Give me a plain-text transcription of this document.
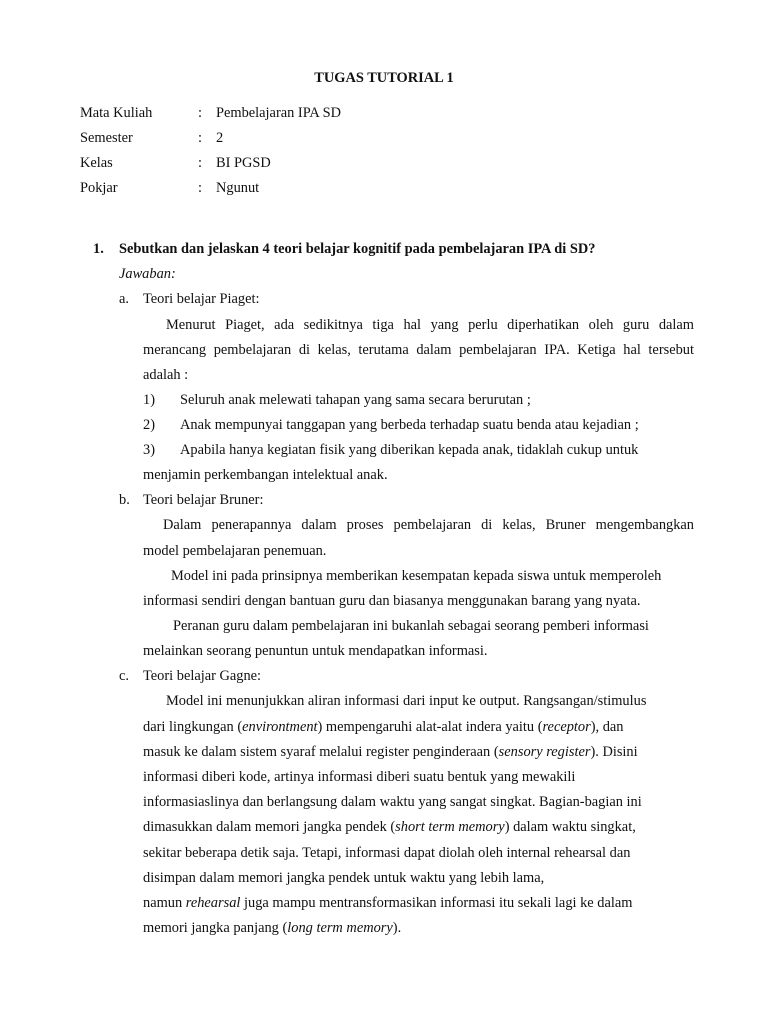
TUGAS TUTORIAL 1
Mata Kuliah	: Pembelajaran IPA SD
Semester	: 2
Kelas	: BI PGSD
Pokjar	: Ngunut
1. Sebutkan dan jelaskan 4 teori belajar kognitif pada pembelajaran IPA di SD?
Jawaban:
a. Teori belajar Piaget:
Menurut Piaget, ada sedikitnya tiga hal yang perlu diperhatikan oleh guru dalam
merancang pembelajaran di kelas, terutama dalam pembelajaran IPA. Ketiga hal tersebut
adalah :
1) Seluruh anak melewati tahapan yang sama secara berurutan ;
2) Anak mempunyai tanggapan yang berbeda terhadap suatu benda atau kejadian ;
3) Apabila hanya kegiatan fisik yang diberikan kepada anak, tidaklah cukup untuk
menjamin perkembangan intelektual anak.
b. Teori belajar Bruner:
Dalam penerapannya dalam proses pembelajaran di kelas, Bruner mengembangkan
model pembelajaran penemuan.
Model ini pada prinsipnya memberikan kesempatan kepada siswa untuk memperoleh
informasi sendiri dengan bantuan guru dan biasanya menggunakan barang yang nyata.
Peranan guru dalam pembelajaran ini bukanlah sebagai seorang pemberi informasi
melainkan seorang penuntun untuk mendapatkan informasi.
c. Teori belajar Gagne:
Model ini menunjukkan aliran informasi dari input ke output. Rangsangan/stimulus
dari lingkungan (environtment) mempengaruhi alat-alat indera yaitu (receptor), dan
masuk ke dalam sistem syaraf melalui register penginderaan (sensory register). Disini
informasi diberi kode, artinya informasi diberi suatu bentuk yang mewakili
informasiaslinya dan berlangsung dalam waktu yang sangat singkat. Bagian-bagian ini
dimasukkan dalam memori jangka pendek (short term memory) dalam waktu singkat,
sekitar beberapa detik saja. Tetapi, informasi dapat diolah oleh internal rehearsal dan
disimpan dalam memori jangka pendek untuk waktu yang lebih lama,
namun rehearsal juga mampu mentransformasikan informasi itu sekali lagi ke dalam
memori jangka panjang (long term memory).
